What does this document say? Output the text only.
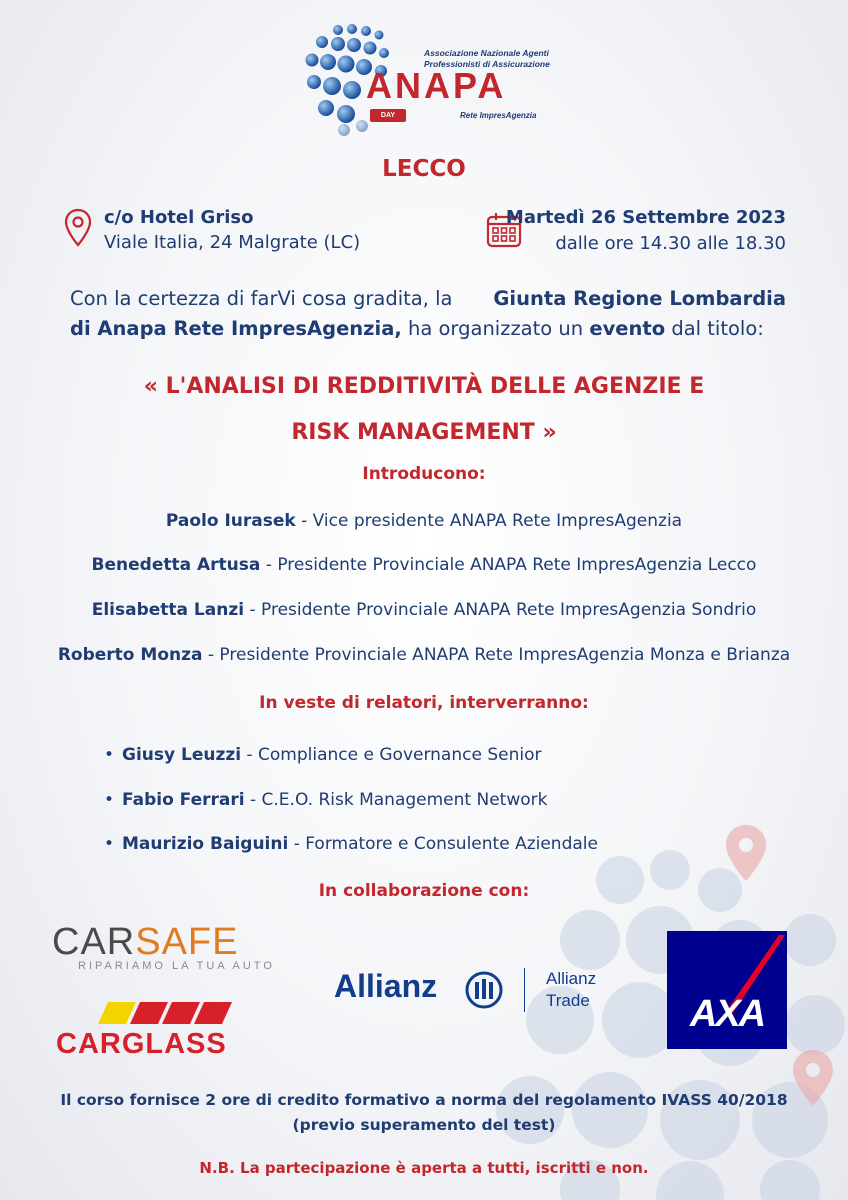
Associazione Nazionale Agenti
Professionisti di Assicurazione
ANAPA
DAY	Rete ImpresAgenzia
LECCO
c/o Hotel Griso
Viale Italia, 24 Malgrate (LC)
Martedì 26 Settembre 2023
dalle ore 14.30 alle 18.30
Con la certezza di farVi cosa gradita, la Giunta Regione Lombardia
di Anapa Rete ImpresAgenzia, ha organizzato un evento dal titolo:
« L'ANALISI DI REDDITIVITÀ DELLE AGENZIE E
RISK MANAGEMENT »
Introducono:
Paolo Iurasek - Vice presidente ANAPA Rete ImpresAgenzia
Benedetta Artusa - Presidente Provinciale ANAPA Rete ImpresAgenzia Lecco
Elisabetta Lanzi - Presidente Provinciale ANAPA Rete ImpresAgenzia Sondrio
Roberto Monza - Presidente Provinciale ANAPA Rete ImpresAgenzia Monza e Brianza
In veste di relatori, interverranno:
• Giusy Leuzzi - Compliance e Governance Senior
• Fabio Ferrari - C.E.O. Risk Management Network
• Maurizio Baiguini - Formatore e Consulente Aziendale
In collaborazione con:
CARSAFE
RIPARIAMO LA TUA AUTO
CARGLASS
Allianz	Allianz
Trade	AXA
Il corso fornisce 2 ore di credito formativo a norma del regolamento IVASS 40/2018
(previo superamento del test)
N.B. La partecipazione è aperta a tutti, iscritti e non.
